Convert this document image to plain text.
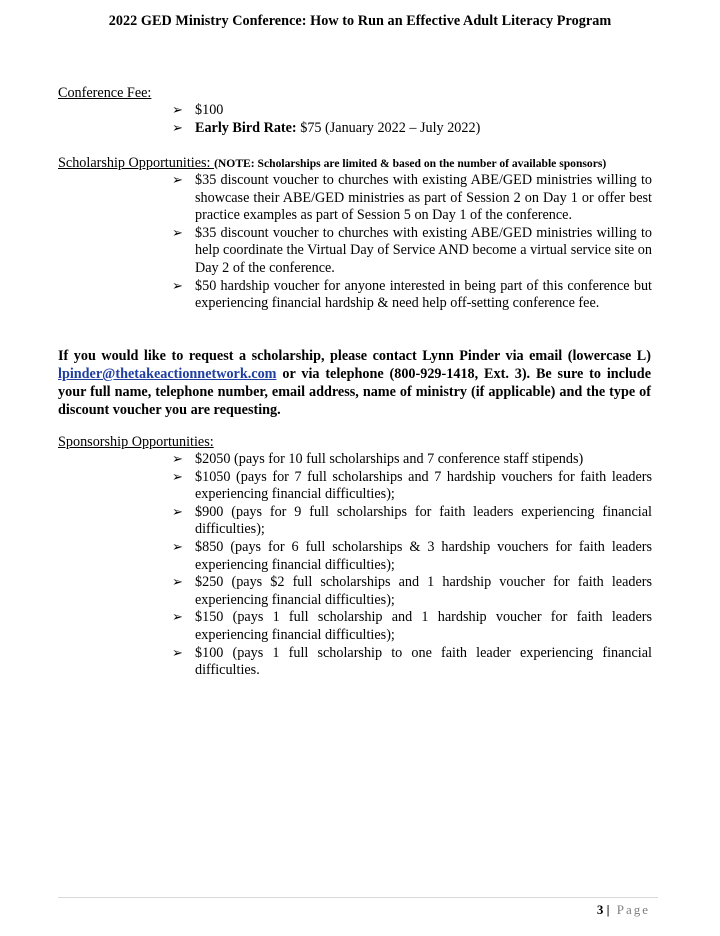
2022 GED Ministry Conference: How to Run an Effective Adult Literacy Program
Conference Fee:
➢ $100
➢ Early Bird Rate: $75 (January 2022 – July 2022)
Scholarship Opportunities: (NOTE: Scholarships are limited & based on the number of available sponsors)
➢ $35 discount voucher to churches with existing ABE/GED ministries willing to showcase their ABE/GED ministries as part of Session 2 on Day 1 or offer best practice examples as part of Session 5 on Day 1 of the conference.
➢ $35 discount voucher to churches with existing ABE/GED ministries willing to help coordinate the Virtual Day of Service AND become a virtual service site on Day 2 of the conference.
➢ $50 hardship voucher for anyone interested in being part of this conference but experiencing financial hardship & need help off-setting conference fee.
If you would like to request a scholarship, please contact Lynn Pinder via email (lowercase L) lpinder@thetakeactionnetwork.com or via telephone (800-929-1418, Ext. 3). Be sure to include your full name, telephone number, email address, name of ministry (if applicable) and the type of discount voucher you are requesting.
Sponsorship Opportunities:
➢ $2050 (pays for 10 full scholarships and 7 conference staff stipends)
➢ $1050 (pays for 7 full scholarships and 7 hardship vouchers for faith leaders experiencing financial difficulties);
➢ $900 (pays for 9 full scholarships for faith leaders experiencing financial difficulties);
➢ $850 (pays for 6 full scholarships & 3 hardship vouchers for faith leaders experiencing financial difficulties);
➢ $250 (pays $2 full scholarships and 1 hardship voucher for faith leaders experiencing financial difficulties);
➢ $150 (pays 1 full scholarship and 1 hardship voucher for faith leaders experiencing financial difficulties);
➢ $100 (pays 1 full scholarship to one faith leader experiencing financial difficulties.
3 | Page
